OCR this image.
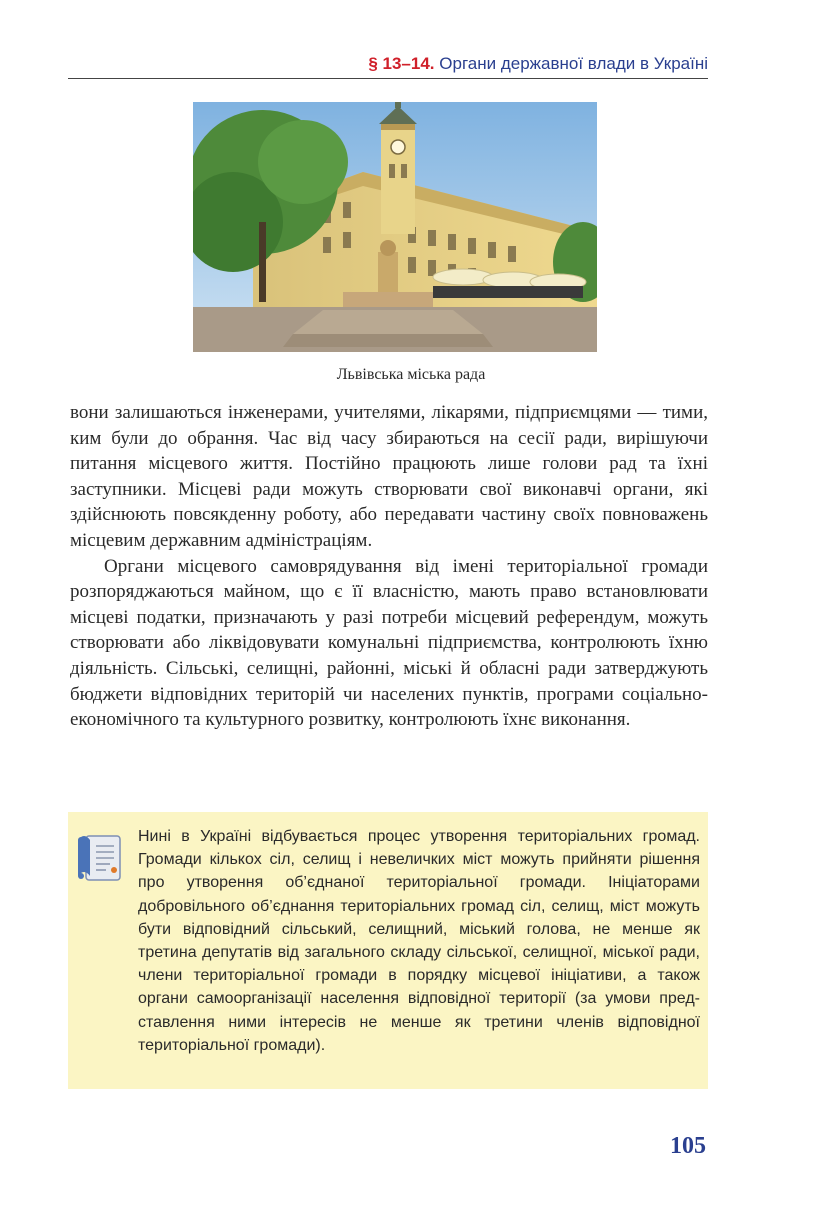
§ 13–14. Органи державної влади в Україні
Львівська міська рада

вони залишаються інженерами, учителями, лікарями, підприємцями — тими, ким були до обрання. Час від часу збираються на сесії ради, вирішуючи питання місцевого життя. Постійно працюють лише голови рад та їхні заступники. Місцеві ради можуть створювати свої виконавчі органи, які здійснюють повсякденну роботу, або передавати частину своїх повноважень місцевим державним адміністраціям.

Органи місцевого самоврядування від імені територіальної громади розпоряджаються майном, що є її власністю, мають право встановлювати місцеві податки, призначають у разі потреби місцевий референдум, можуть створювати або ліквідовувати комунальні підприємства, контролюють їхню діяльність. Сільські, селищні, районні, міські й обласні ради затверджують бюджети відповідних територій чи населених пунктів, програми соціально-економічного та культурного розвитку, контролюють їхнє виконання.

Нині в Україні відбувається процес утворення територіальних громад. Громади кількох сіл, селищ і невеличких міст можуть прийняти рішення про утворення об’єднаної територіальної громади. Ініціаторами добровільного об’єднання територіальних громад сіл, селищ, міст можуть бути відповідний сільський, селищний, міський голова, не менше як третина депутатів від загального складу сільської, селищної, міської ради, члени територіальної громади в порядку місцевої ініціативи, а також органи самоорганізації населення відповідної території (за умови представлення ними інтересів не менше як третини членів відповідної територіальної громади).
105
